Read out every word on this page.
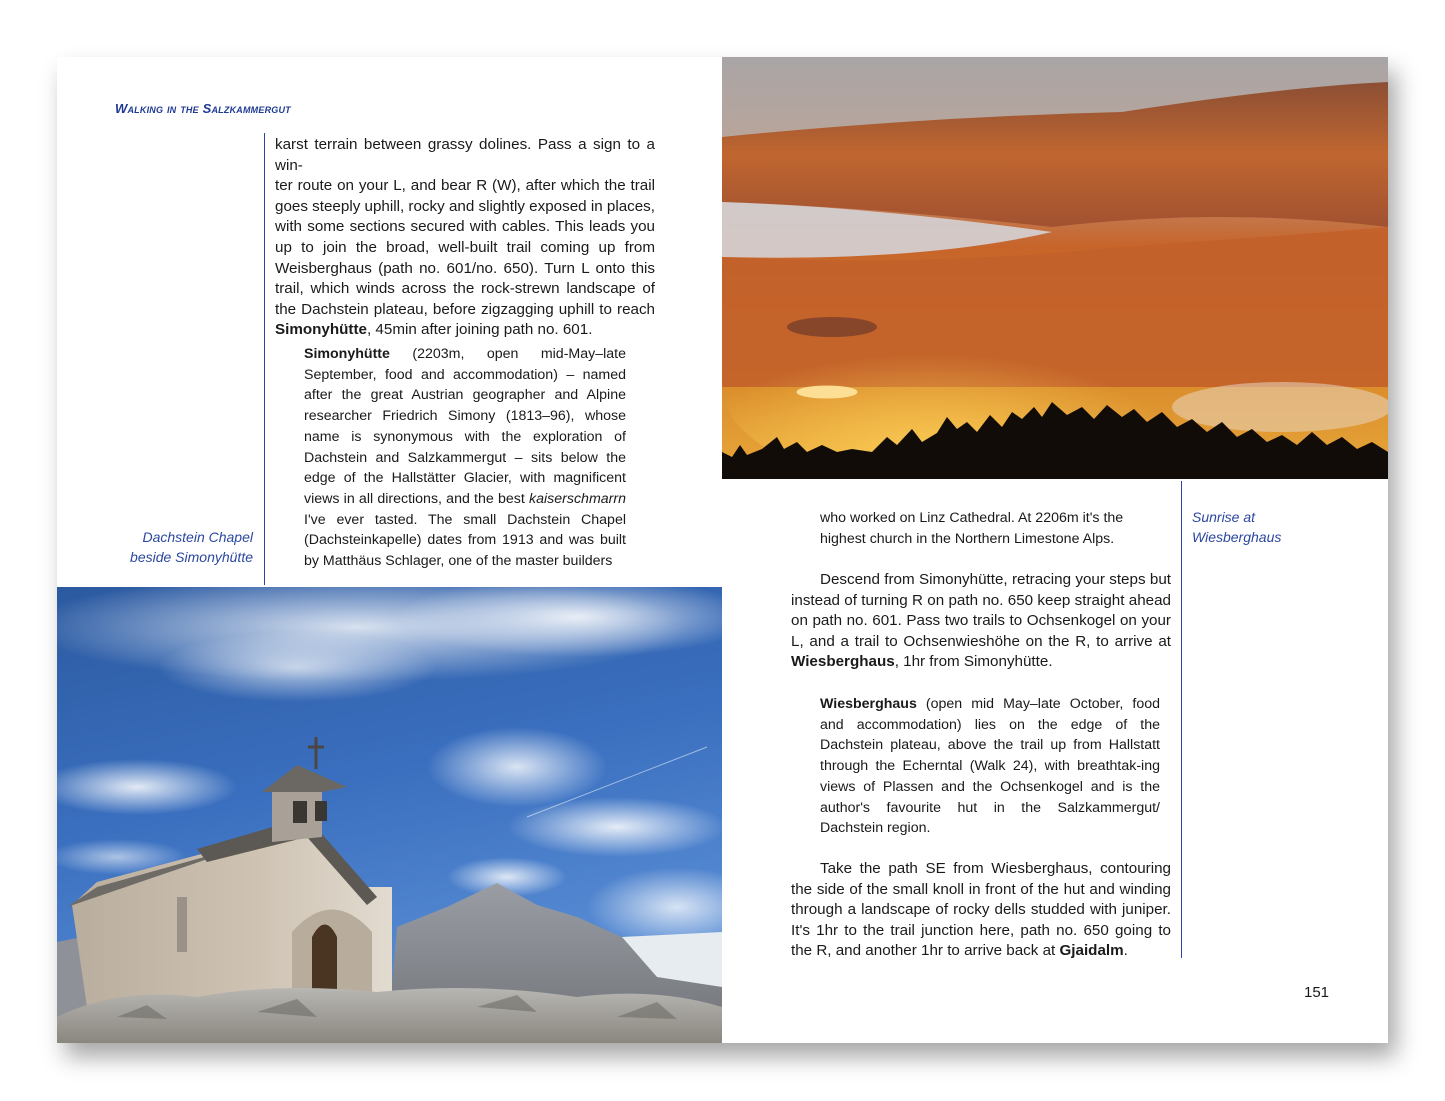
Walking in the Salzkammergut

karst terrain between grassy dolines. Pass a sign to a win-

ter route on your L, and bear R (W), after which the trail

goes steeply uphill, rocky and slightly exposed in places,

with some sections secured with cables. This leads you

up to join the broad, well-built trail coming up from

Weisberghaus (path no. 601/no. 650). Turn L onto this

trail, which winds across the rock-strewn landscape of

the Dachstein plateau, before zigzagging uphill to reach

Simonyhütte, 45min after joining path no. 601.

Simonyhütte (2203m, open mid-May–late September, food and accommodation) – named after the great Austrian geographer and Alpine researcher Friedrich Simony (1813–96), whose name is synonymous with the exploration of Dachstein and Salzkammergut – sits below the edge of the Hallstätter Glacier, with magnificent views in all directions, and the best kaiserschmarrn I've ever tasted. The small Dachstein Chapel (Dachsteinkapelle) dates from 1913 and was built by Matthäus Schlager, one of the master builders

Dachstein Chapel
beside Simonyhütte
Sunrise at
Wiesberghaus

who worked on Linz Cathedral. At 2206m it's the

highest church in the Northern Limestone Alps.

Descend from Simonyhütte, retracing your steps but instead of turning R on path no. 650 keep straight ahead on path no. 601. Pass two trails to Ochsenkogel on your L, and a trail to Ochsenwieshöhe on the R, to arrive at Wiesberghaus, 1hr from Simonyhütte.

Wiesberghaus (open mid May–late October, food and accommodation) lies on the edge of the Dachstein plateau, above the trail up from Hallstatt through the Echerntal (Walk 24), with breathtak-ing views of Plassen and the Ochsenkogel and is the author's favourite hut in the Salzkammergut/ Dachstein region.

Take the path SE from Wiesberghaus, contouring the side of the small knoll in front of the hut and winding through a landscape of rocky dells studded with juniper. It's 1hr to the trail junction here, path no. 650 going to the R, and another 1hr to arrive back at Gjaidalm.

151
